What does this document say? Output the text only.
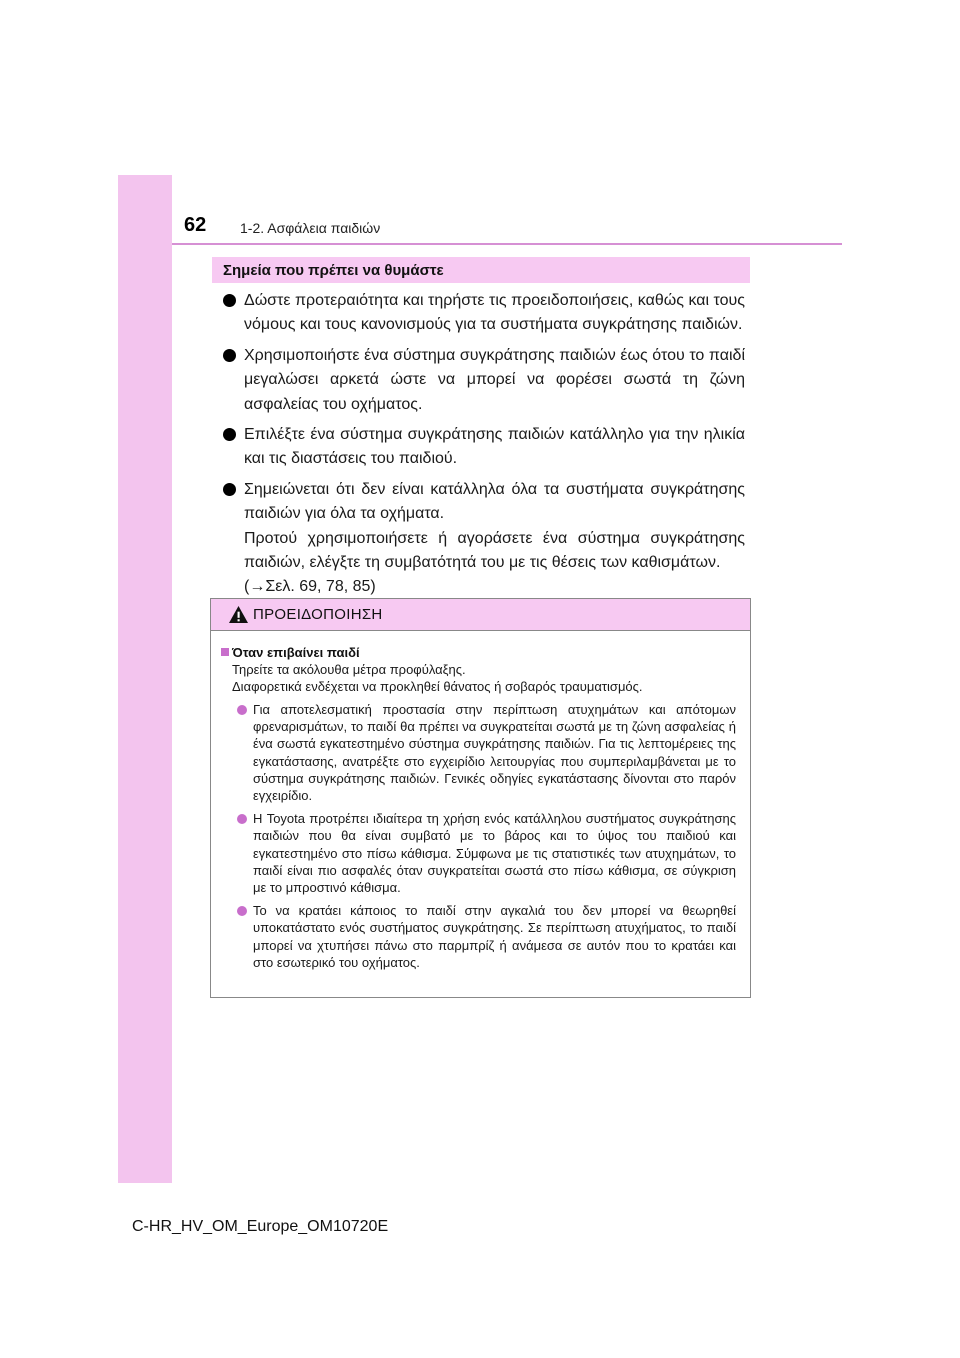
62 1-2. Ασφάλεια παιδιών
Σημεία που πρέπει να θυμάστε
Δώστε προτεραιότητα και τηρήστε τις προειδοποιήσεις, καθώς και τους νόμους και τους κανονισμούς για τα συστήματα συγκράτησης παιδιών.
Χρησιμοποιήστε ένα σύστημα συγκράτησης παιδιών έως ότου το παιδί μεγαλώσει αρκετά ώστε να μπορεί να φορέσει σωστά τη ζώνη ασφαλείας του οχήματος.
Επιλέξτε ένα σύστημα συγκράτησης παιδιών κατάλληλο για την ηλικία και τις διαστάσεις του παιδιού.
Σημειώνεται ότι δεν είναι κατάλληλα όλα τα συστήματα συγκράτησης παιδιών για όλα τα οχήματα.
Προτού χρησιμοποιήσετε ή αγοράσετε ένα σύστημα συγκράτησης παιδιών, ελέγξτε τη συμβατότητά του με τις θέσεις των καθισμάτων.
(→Σελ. 69, 78, 85)
ΠΡΟΕΙΔΟΠΟΙΗΣΗ
Όταν επιβαίνει παιδί
Τηρείτε τα ακόλουθα μέτρα προφύλαξης.
Διαφορετικά ενδέχεται να προκληθεί θάνατος ή σοβαρός τραυματισμός.
Για αποτελεσματική προστασία στην περίπτωση ατυχημάτων και απότομων φρεναρισμάτων, το παιδί θα πρέπει να συγκρατείται σωστά με τη ζώνη ασφαλείας ή ένα σωστά εγκατεστημένο σύστημα συγκράτησης παιδιών. Για τις λεπτομέρειες της εγκατάστασης, ανατρέξτε στο εγχειρίδιο λειτουργίας που συμπεριλαμβάνεται με το σύστημα συγκράτησης παιδιών. Γενικές οδηγίες εγκατάστασης δίνονται στο παρόν εγχειρίδιο.
Η Toyota προτρέπει ιδιαίτερα τη χρήση ενός κατάλληλου συστήματος συγκράτησης παιδιών που θα είναι συμβατό με το βάρος και το ύψος του παιδιού και εγκατεστημένο στο πίσω κάθισμα. Σύμφωνα με τις στατιστικές των ατυχημάτων, το παιδί είναι πιο ασφαλές όταν συγκρατείται σωστά στο πίσω κάθισμα, σε σύγκριση με το μπροστινό κάθισμα.
Το να κρατάει κάποιος το παιδί στην αγκαλιά του δεν μπορεί να θεωρηθεί υποκατάστατο ενός συστήματος συγκράτησης. Σε περίπτωση ατυχήματος, το παιδί μπορεί να χτυπήσει πάνω στο παρμπρίζ ή ανάμεσα σε αυτόν που το κρατάει και στο εσωτερικό του οχήματος.
C-HR_HV_OM_Europe_OM10720E
